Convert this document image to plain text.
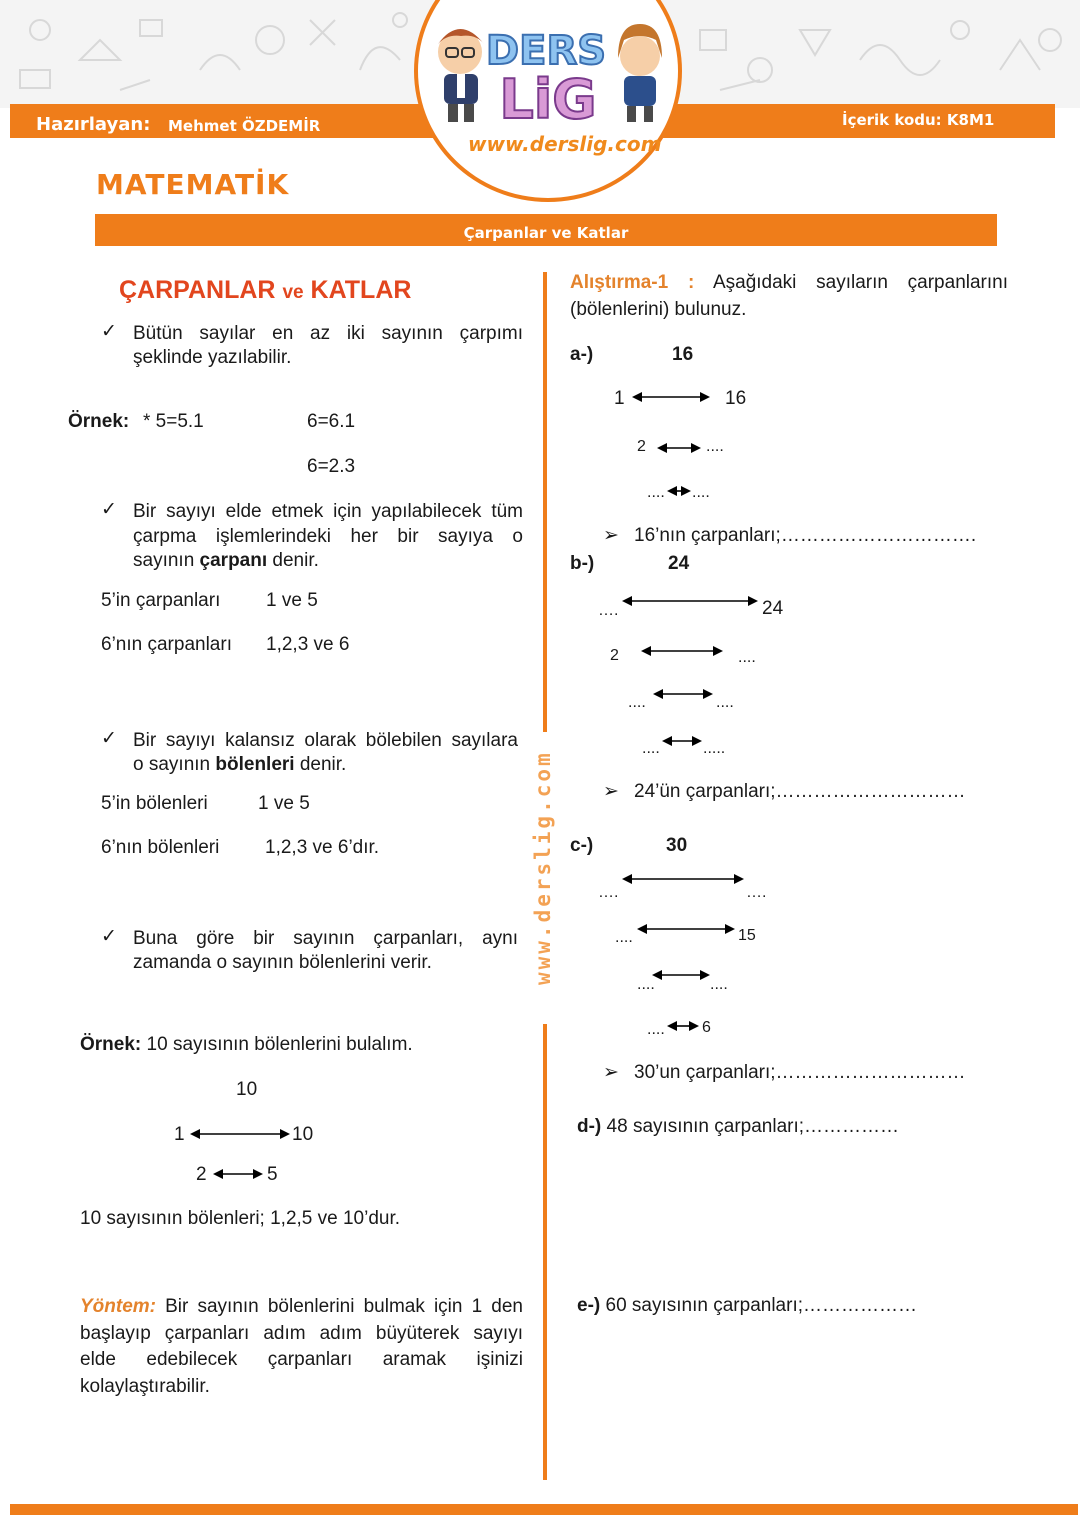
Hazırlayan: Mehmet ÖZDEMİR	İçerik kodu: K8M1
DERS
LiG
www.derslig.com
MATEMATİK
Çarpanlar ve Katlar
www.derslig.com
ÇARPANLAR ve KATLAR
✓ Bütün sayılar en az iki sayının çarpımı
şeklinde yazılabilir.
Örnek: * 5=5.1	6=6.1
6=2.3
✓ Bir sayıyı elde etmek için yapılabilecek tüm
çarpma işlemlerindeki her bir sayıya o
sayının çarpanı denir.
5’in çarpanları 1 ve 5
6’nın çarpanları 1,2,3 ve 6
✓ Bir sayıyı kalansız olarak bölebilen sayılara
o sayının bölenleri denir.
5’in bölenleri	1 ve 5
6’nın bölenleri 1,2,3 ve 6’dır.
✓ Buna göre bir sayının çarpanları, aynı
zamanda o sayının bölenlerini verir.
Örnek: 10 sayısının bölenlerini bulalım.
10
1	10
2	5
10 sayısının bölenleri; 1,2,5 ve 10’dur.
Yöntem: Bir sayının bölenlerini bulmak için 1 den
başlayıp çarpanları adım adım büyüterek sayıyı
elde edebilecek çarpanları aramak işinizi
kolaylaştırabilir.
Alıştırma-1 : Aşağıdaki sayıların çarpanlarını
(bölenlerini) bulunuz.
a-)	16
1	16
2	....
.... ....
➢ 16’nın çarpanları;………………………….
b-)	24
….	24
2	....
....	....
....	.....
➢ 24’ün çarpanları;…………………………
c-)	30
….	….
....	15
....	....
.... 6
➢ 30’un çarpanları;…………………………
d-) 48 sayısının çarpanları;……………
e-) 60 sayısının çarpanları;………………
